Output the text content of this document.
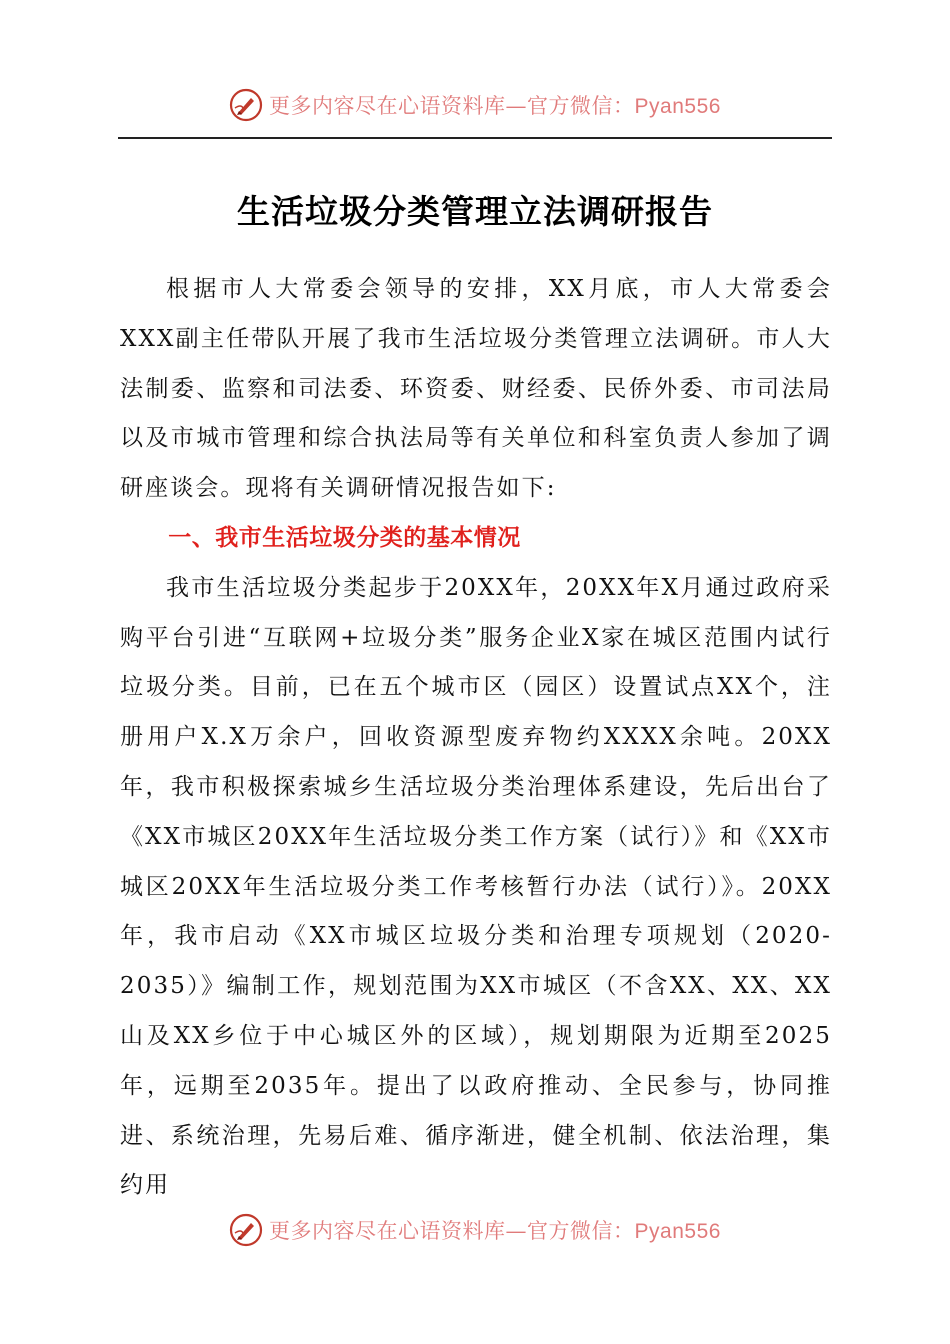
更多内容尽在心语资料库—官方微信：Pyan556
生活垃圾分类管理立法调研报告

根据市人大常委会领导的安排，XX月底，市人大常委会XXX副主任带队开展了我市生活垃圾分类管理立法调研。市人大法制委、监察和司法委、环资委、财经委、民侨外委、市司法局以及市城市管理和综合执法局等有关单位和科室负责人参加了调研座谈会。现将有关调研情况报告如下:

一、我市生活垃圾分类的基本情况

我市生活垃圾分类起步于20XX年，20XX年X月通过政府采购平台引进“互联网+垃圾分类”服务企业X家在城区范围内试行垃圾分类。目前，已在五个城市区（园区）设置试点XX个，注册用户X.X万余户，回收资源型废弃物约XXXX余吨。20XX年，我市积极探索城乡生活垃圾分类治理体系建设，先后出台了《XX市城区20XX年生活垃圾分类工作方案（试行）》和《XX市城区20XX年生活垃圾分类工作考核暂行办法（试行）》。20XX年，我市启动《XX市城区垃圾分类和治理专项规划（2020-2035）》编制工作，规划范围为XX市城区（不含XX、XX、XX山及XX乡位于中心城区外的区域），规划期限为近期至2025年，远期至2035年。提出了以政府推动、全民参与，协同推进、系统治理，先易后难、循序渐进，健全机制、依法治理，集约用

更多内容尽在心语资料库—官方微信：Pyan556
